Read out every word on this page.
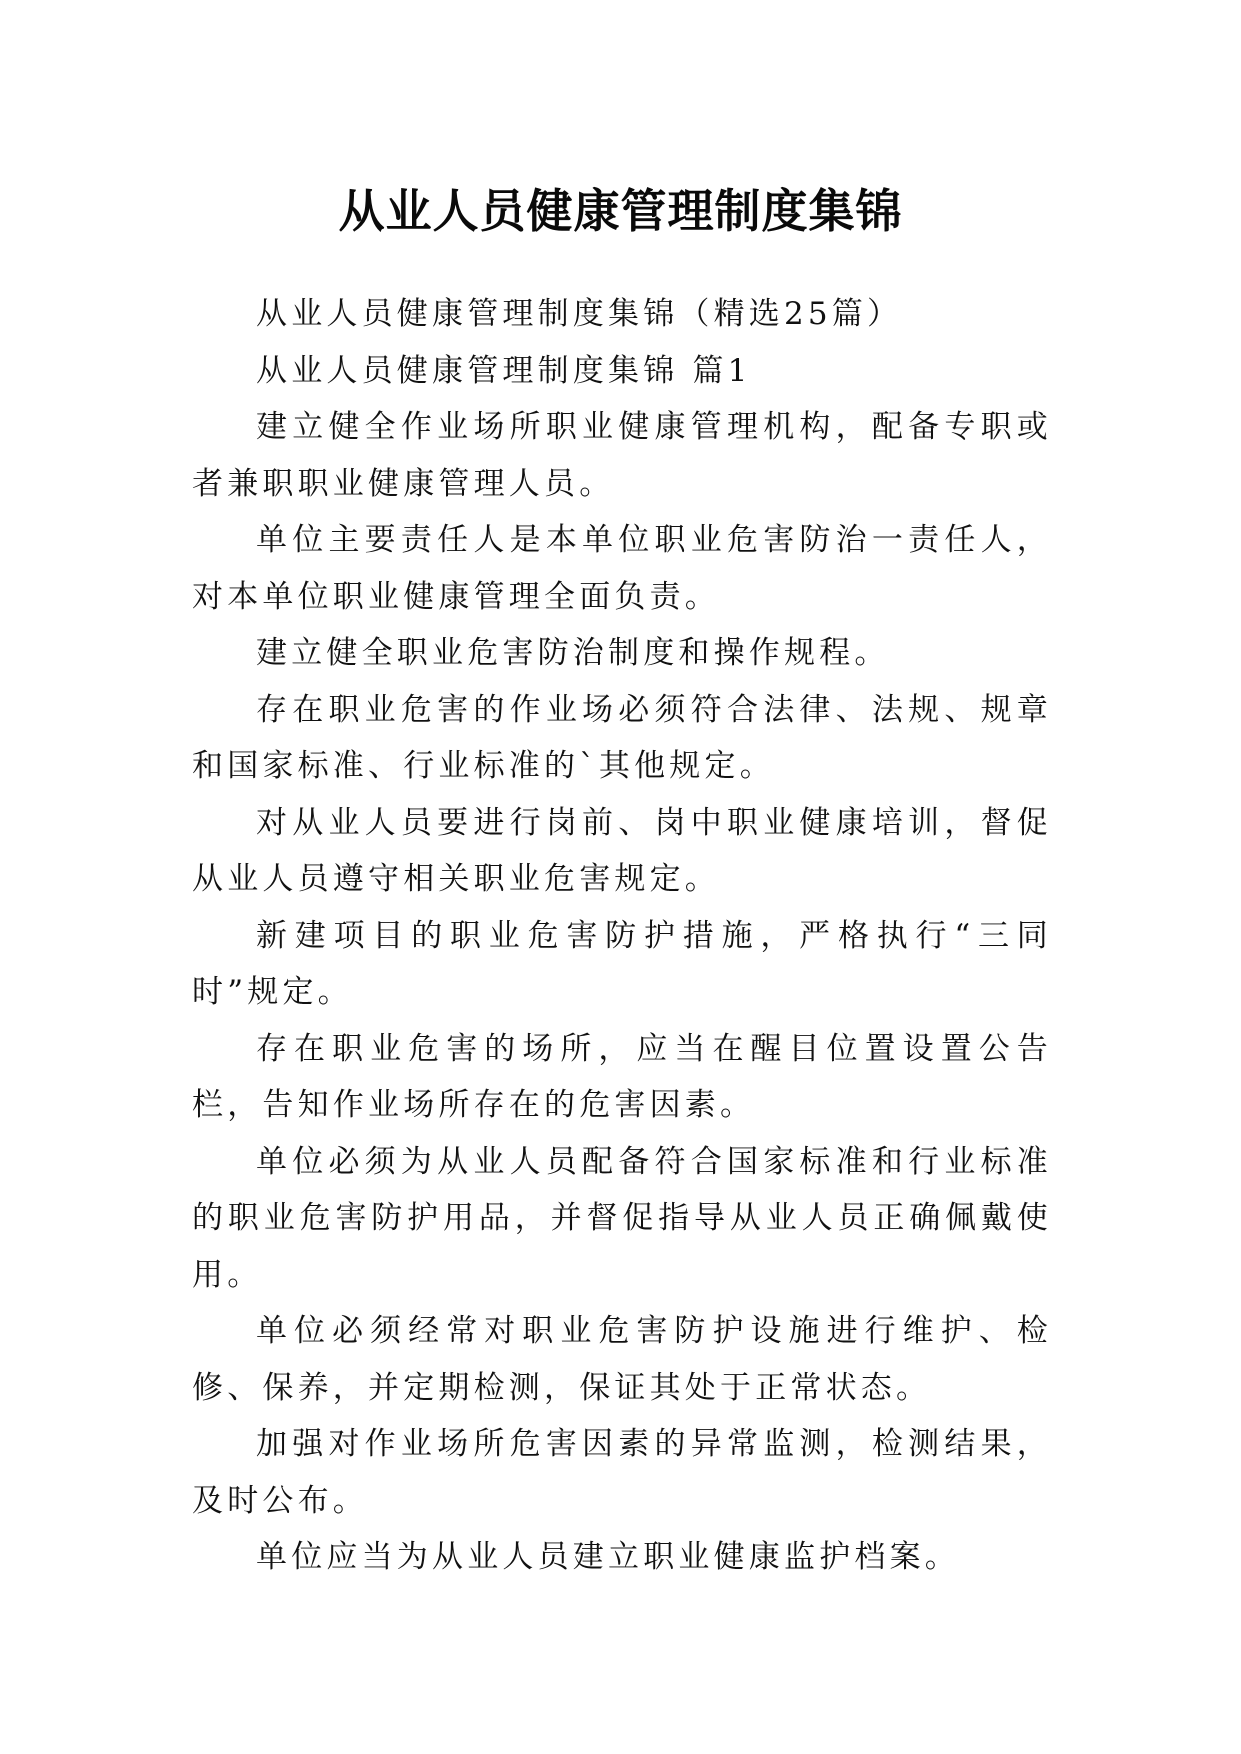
从业人员健康管理制度集锦

从业人员健康管理制度集锦（精选25篇）

从业人员健康管理制度集锦 篇1

建立健全作业场所职业健康管理机构，配备专职或者兼职职业健康管理人员。

单位主要责任人是本单位职业危害防治一责任人，对本单位职业健康管理全面负责。

建立健全职业危害防治制度和操作规程。

存在职业危害的作业场必须符合法律、法规、规章和国家标准、行业标准的`其他规定。

对从业人员要进行岗前、岗中职业健康培训，督促从业人员遵守相关职业危害规定。

新建项目的职业危害防护措施，严格执行“三同时”规定。

存在职业危害的场所，应当在醒目位置设置公告栏，告知作业场所存在的危害因素。

单位必须为从业人员配备符合国家标准和行业标准的职业危害防护用品，并督促指导从业人员正确佩戴使用。

单位必须经常对职业危害防护设施进行维护、检修、保养，并定期检测，保证其处于正常状态。

加强对作业场所危害因素的异常监测，检测结果，及时公布。

单位应当为从业人员建立职业健康监护档案。
